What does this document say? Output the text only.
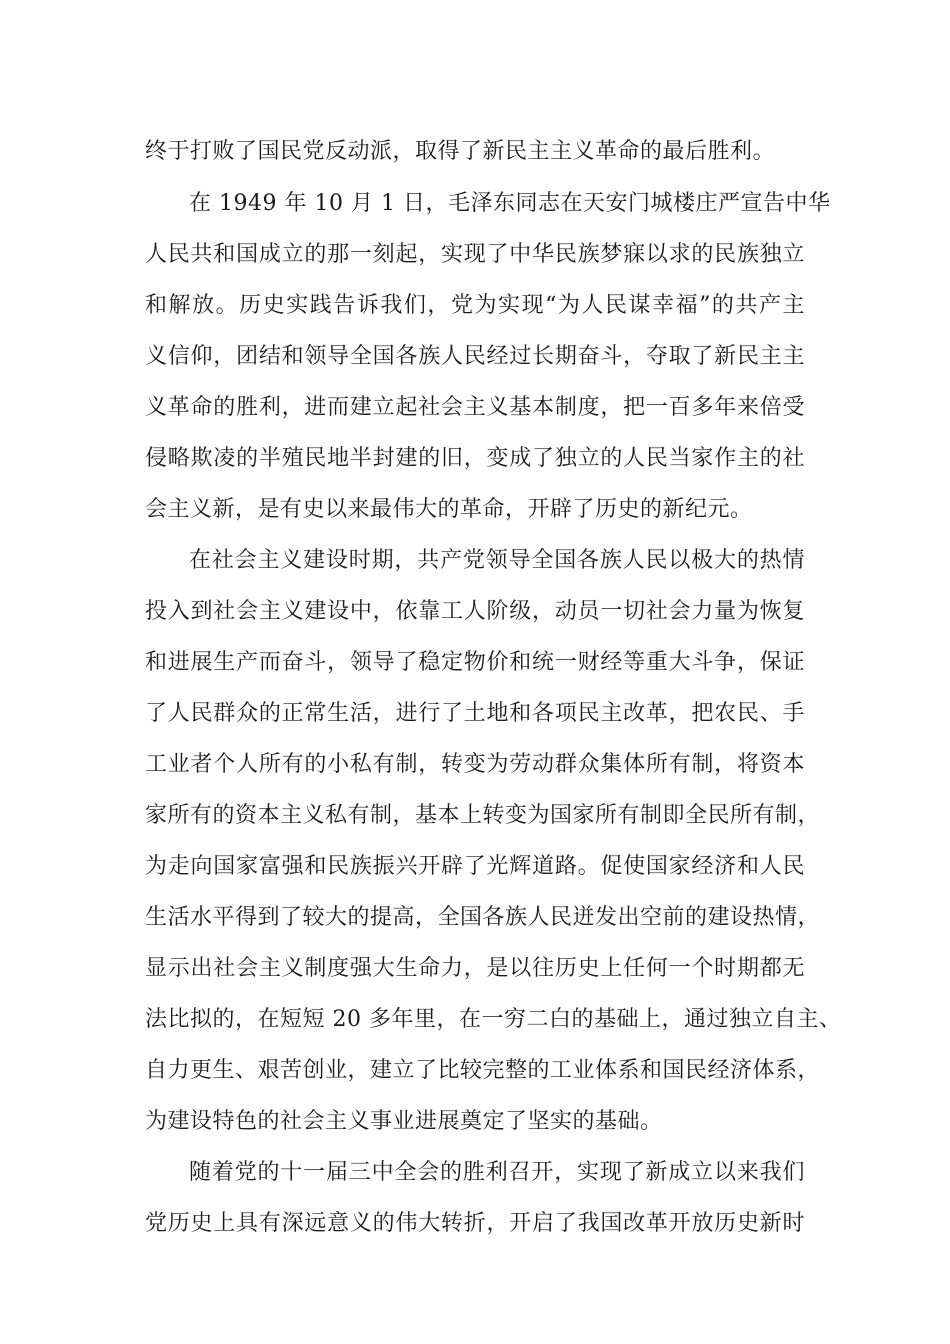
终于打败了国民党反动派，取得了新民主主义革命的最后胜利。
在 1949 年 10 月 1 日，毛泽东同志在天安门城楼庄严宣告中华
人民共和国成立的那一刻起，实现了中华民族梦寐以求的民族独立
和解放。历史实践告诉我们，党为实现“为人民谋幸福”的共产主
义信仰，团结和领导全国各族人民经过长期奋斗，夺取了新民主主
义革命的胜利，进而建立起社会主义基本制度，把一百多年来倍受
侵略欺凌的半殖民地半封建的旧，变成了独立的人民当家作主的社
会主义新，是有史以来最伟大的革命，开辟了历史的新纪元。
在社会主义建设时期，共产党领导全国各族人民以极大的热情
投入到社会主义建设中，依靠工人阶级，动员一切社会力量为恢复
和进展生产而奋斗，领导了稳定物价和统一财经等重大斗争，保证
了人民群众的正常生活，进行了土地和各项民主改革，把农民、手
工业者个人所有的小私有制，转变为劳动群众集体所有制，将资本
家所有的资本主义私有制，基本上转变为国家所有制即全民所有制，
为走向国家富强和民族振兴开辟了光辉道路。促使国家经济和人民
生活水平得到了较大的提高，全国各族人民迸发出空前的建设热情，
显示出社会主义制度强大生命力，是以往历史上任何一个时期都无
法比拟的，在短短 20 多年里，在一穷二白的基础上，通过独立自主、
自力更生、艰苦创业，建立了比较完整的工业体系和国民经济体系，
为建设特色的社会主义事业进展奠定了坚实的基础。
随着党的十一届三中全会的胜利召开，实现了新成立以来我们
党历史上具有深远意义的伟大转折，开启了我国改革开放历史新时
